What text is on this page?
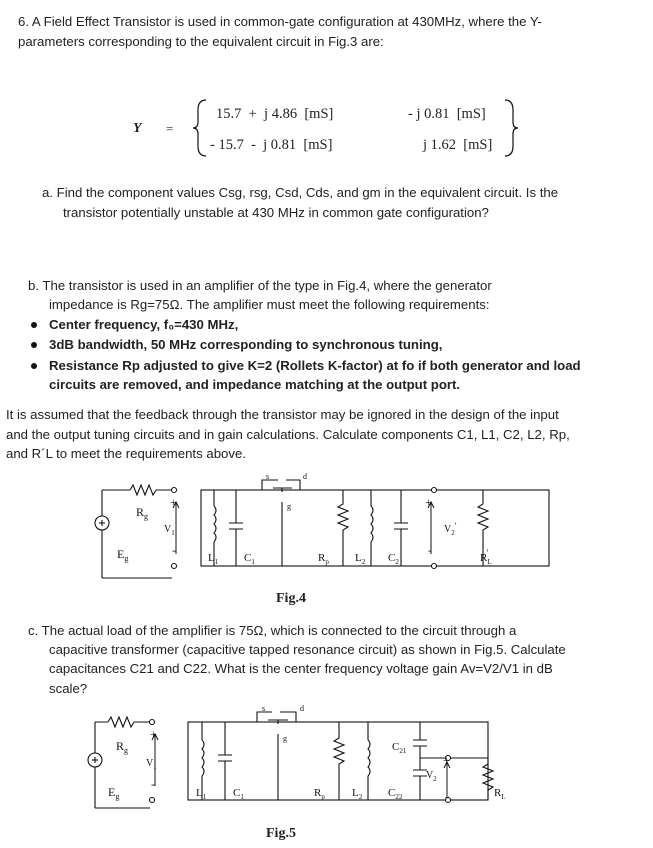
6. A Field Effect Transistor is used in common-gate configuration at 430MHz, where the Y-

parameters corresponding to the equivalent circuit in Fig.3 are:

Y =
15.7  +  j 4.86  [mS]	- j 0.81  [mS]
- 15.7  -  j 0.81  [mS]	j 1.62  [mS]

a. Find the component values Csg, rsg, Csd, Cds, and gm in the equivalent circuit. Is the

transistor potentially unstable at 430 MHz in common gate configuration?

b. The transistor is used in an amplifier of the type in Fig.4, where the generator

impedance is Rg=75Ω. The amplifier must meet the following requirements:

Center frequency, f₀=430 MHz,

3dB bandwidth, 50 MHz corresponding to synchronous tuning,

Resistance Rp adjusted to give K=2 (Rollets K-factor) at fo if both generator and load

circuits are removed, and impedance matching at the output port.

It is assumed that the feedback through the transistor may be ignored in the design of the input

and the output tuning circuits and in gain calculations. Calculate components C1, L1, C2, L2, Rp,

and R´L to meet the requirements above.

$R_g$
$E_g$
$V_1$
+
-
$L_1$ $C_1$
s	d
g
$R_p$ $L_2$ $C_2$
+
-
$V_2'$
$R_L'$

Fig.4

c. The actual load of the amplifier is 75Ω, which is connected to the circuit through a

capacitive transformer (capacitive tapped resonance circuit) as shown in Fig.5. Calculate

capacitances C21 and C22. What is the center frequency voltage gain Av=V2/V1 in dB

scale?

$R_g$
$E_g$
$V_1$
+
-
$L_1$ $C_1$
s	d
g
$R_p$ $L_2$ $C_{22}$
$C_{21}$
$V_2$
+
-	$R_L$

Fig.5
